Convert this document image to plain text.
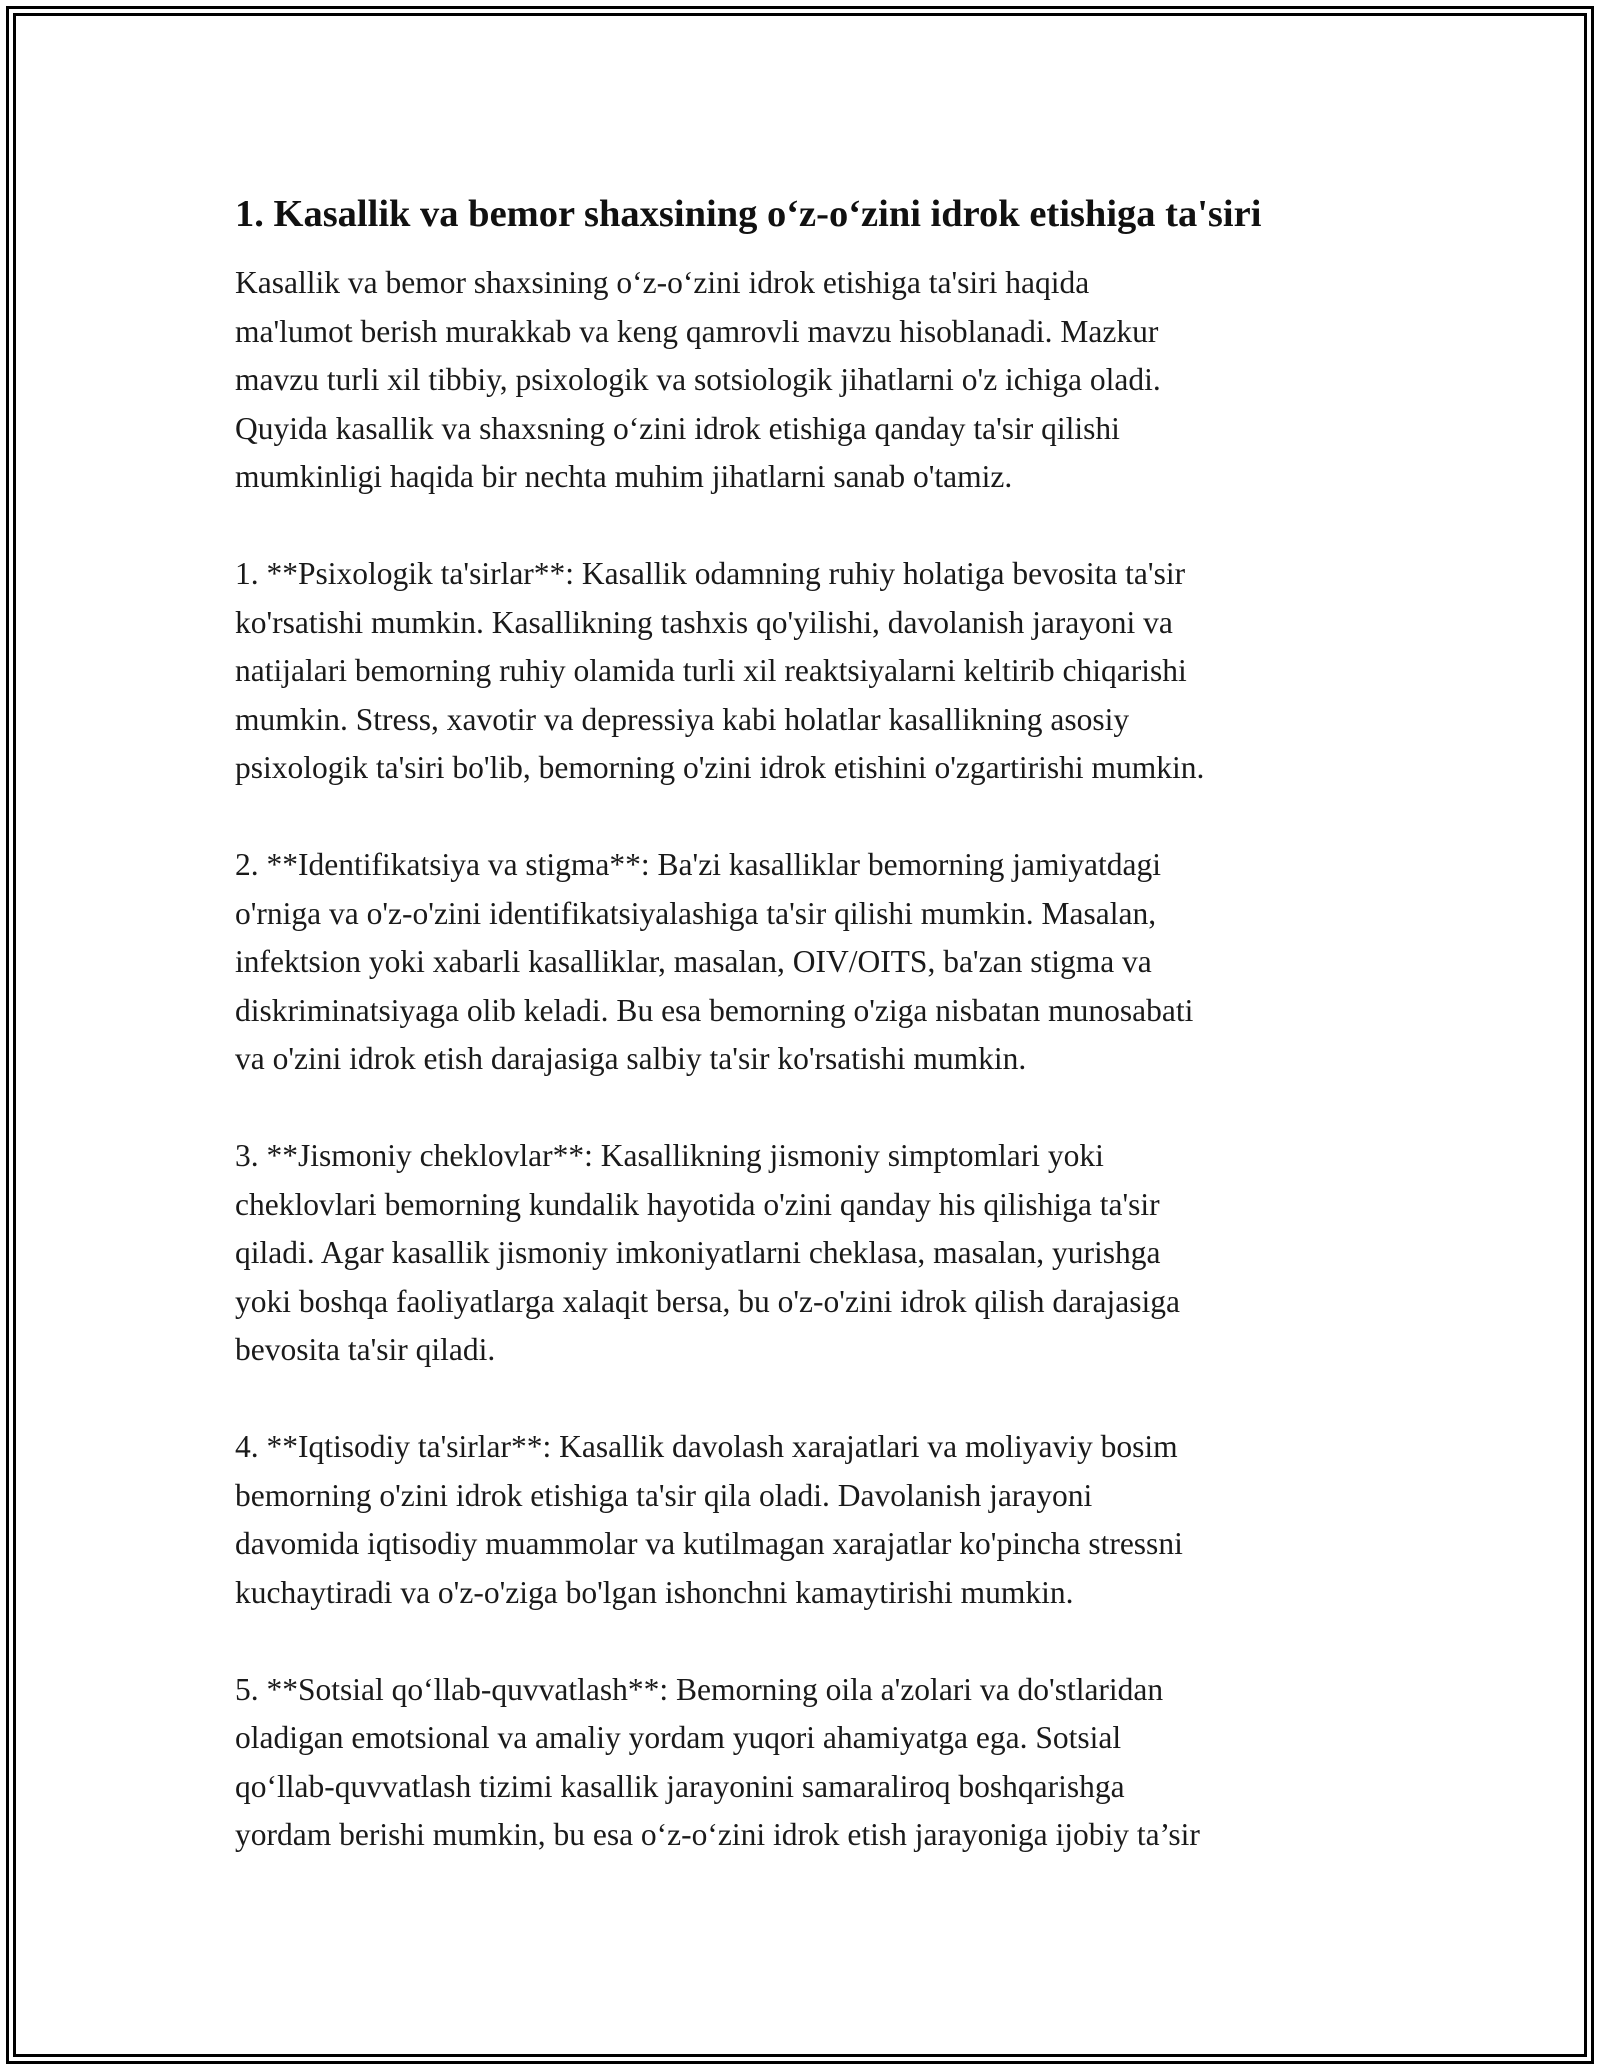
1. Kasallik va bemor shaxsining o‘z-o‘zini idrok etishiga ta'siri

Kasallik va bemor shaxsining o‘z-o‘zini idrok etishiga ta'siri haqida
ma'lumot berish murakkab va keng qamrovli mavzu hisoblanadi. Mazkur
mavzu turli xil tibbiy, psixologik va sotsiologik jihatlarni o'z ichiga oladi.
Quyida kasallik va shaxsning o‘zini idrok etishiga qanday ta'sir qilishi
mumkinligi haqida bir nechta muhim jihatlarni sanab o'tamiz.

1. **Psixologik ta'sirlar**: Kasallik odamning ruhiy holatiga bevosita ta'sir
ko'rsatishi mumkin. Kasallikning tashxis qo'yilishi, davolanish jarayoni va
natijalari bemorning ruhiy olamida turli xil reaktsiyalarni keltirib chiqarishi
mumkin. Stress, xavotir va depressiya kabi holatlar kasallikning asosiy
psixologik ta'siri bo'lib, bemorning o'zini idrok etishini o'zgartirishi mumkin.

2. **Identifikatsiya va stigma**: Ba'zi kasalliklar bemorning jamiyatdagi
o'rniga va o'z-o'zini identifikatsiyalashiga ta'sir qilishi mumkin. Masalan,
infektsion yoki xabarli kasalliklar, masalan, OIV/OITS, ba'zan stigma va
diskriminatsiyaga olib keladi. Bu esa bemorning o'ziga nisbatan munosabati
va o'zini idrok etish darajasiga salbiy ta'sir ko'rsatishi mumkin.

3. **Jismoniy cheklovlar**: Kasallikning jismoniy simptomlari yoki
cheklovlari bemorning kundalik hayotida o'zini qanday his qilishiga ta'sir
qiladi. Agar kasallik jismoniy imkoniyatlarni cheklasa, masalan, yurishga
yoki boshqa faoliyatlarga xalaqit bersa, bu o'z-o'zini idrok qilish darajasiga
bevosita ta'sir qiladi.

4. **Iqtisodiy ta'sirlar**: Kasallik davolash xarajatlari va moliyaviy bosim
bemorning o'zini idrok etishiga ta'sir qila oladi. Davolanish jarayoni
davomida iqtisodiy muammolar va kutilmagan xarajatlar ko'pincha stressni
kuchaytiradi va o'z-o'ziga bo'lgan ishonchni kamaytirishi mumkin.

5. **Sotsial qo‘llab-quvvatlash**: Bemorning oila a'zolari va do'stlaridan
oladigan emotsional va amaliy yordam yuqori ahamiyatga ega. Sotsial
qo‘llab-quvvatlash tizimi kasallik jarayonini samaraliroq boshqarishga
yordam berishi mumkin, bu esa o‘z-o‘zini idrok etish jarayoniga ijobiy ta’sir
